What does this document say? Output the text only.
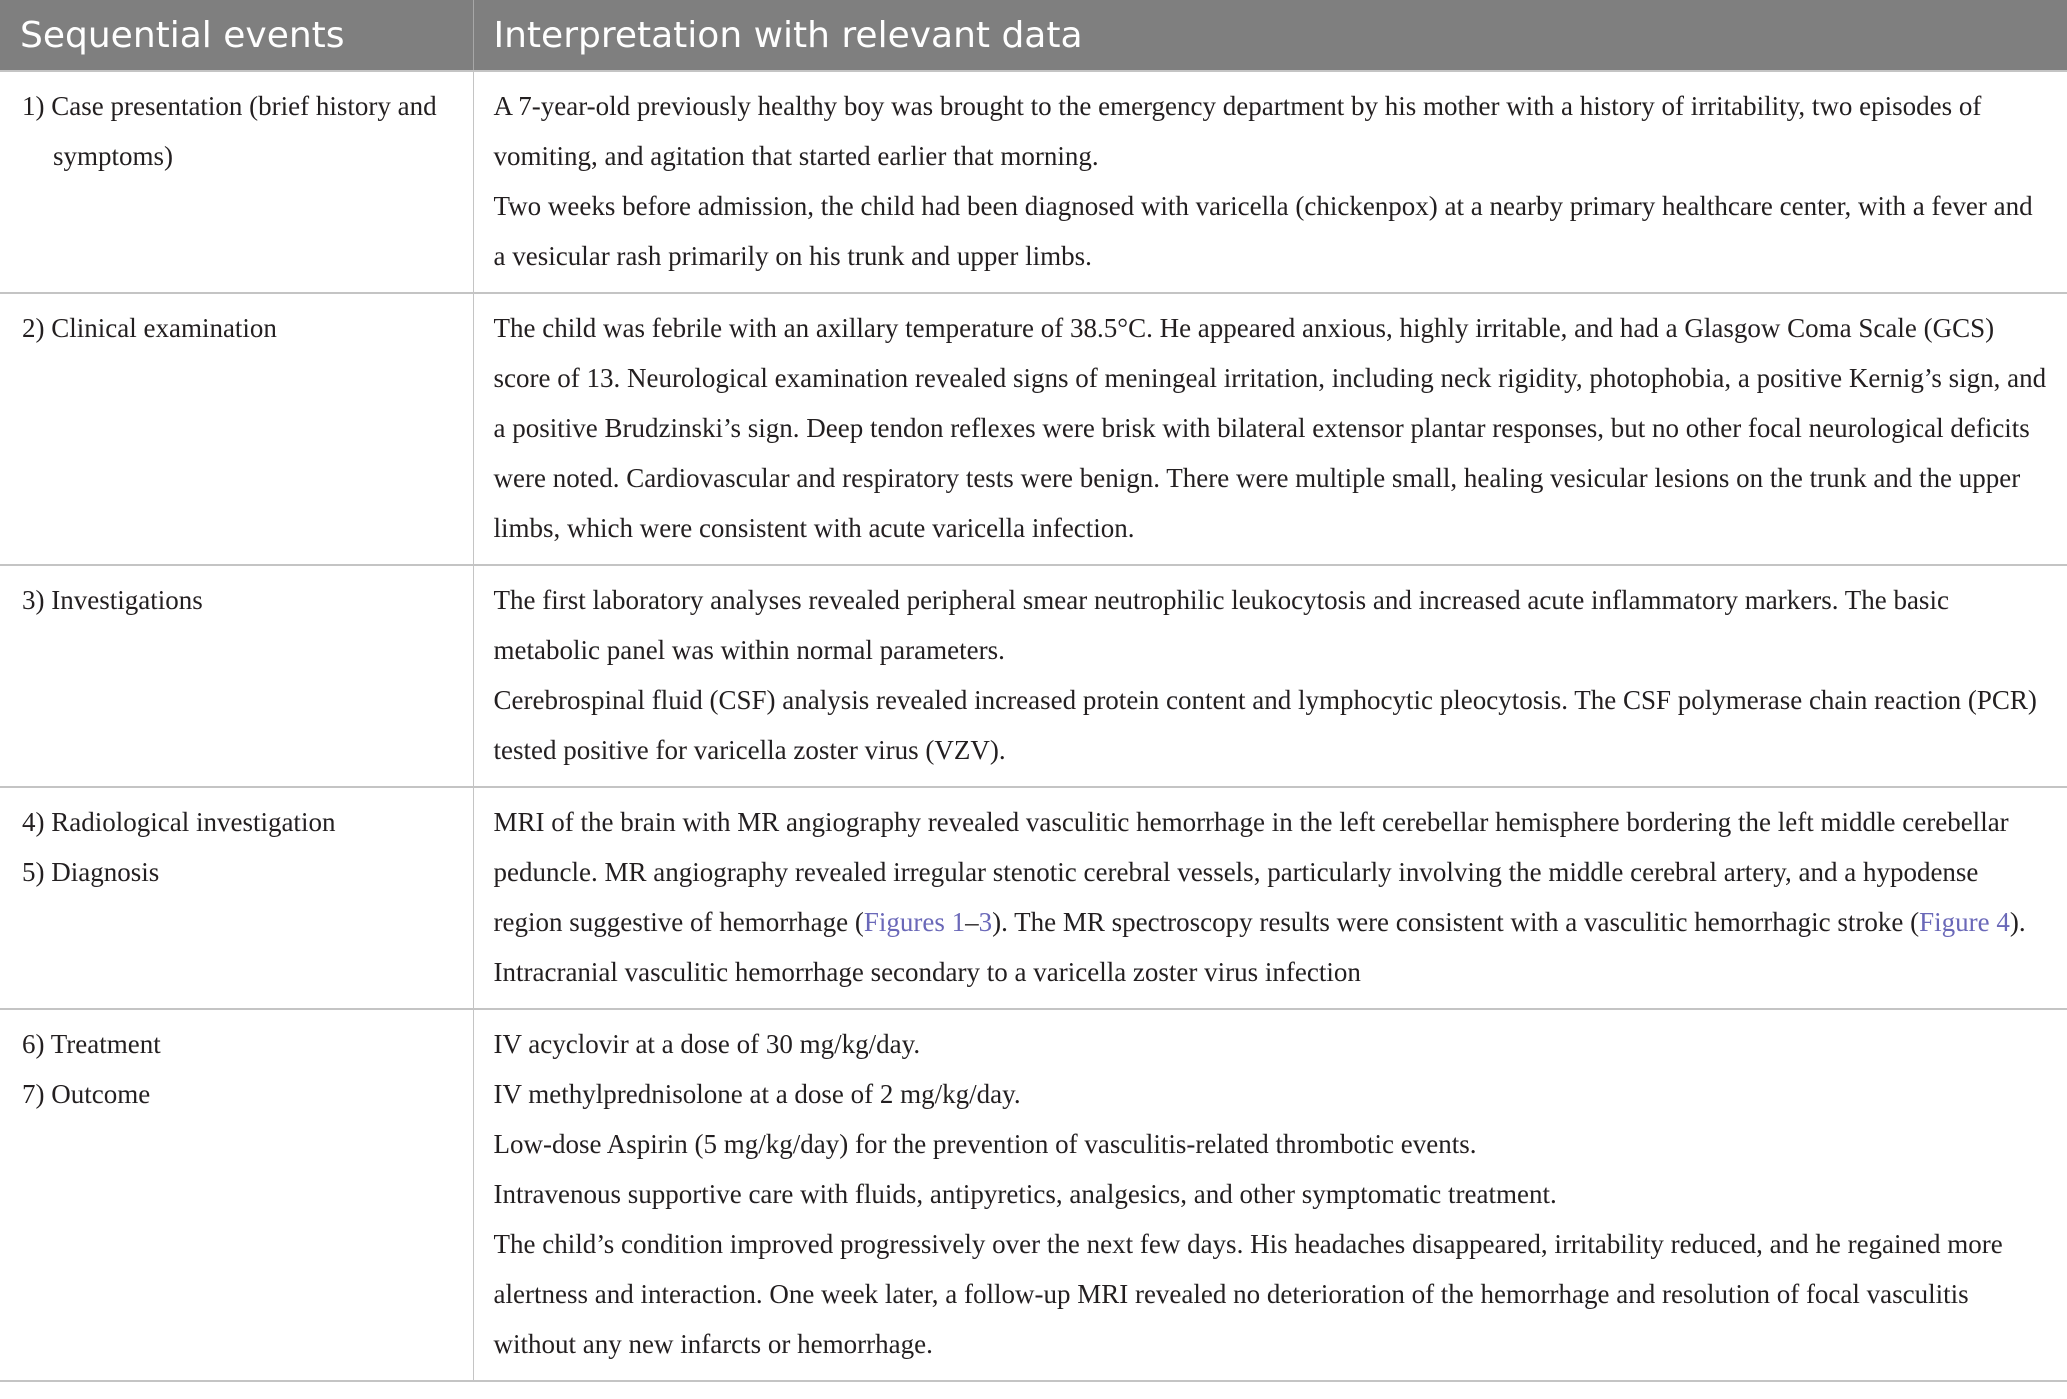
Sequential events	Interpretation with relevant data

1) Case presentation (brief history and symptoms)	A 7-year-old previously healthy boy was brought to the emergency department by his mother with a history of irritability, two episodes of vomiting, and agitation that started earlier that morning.
Two weeks before admission, the child had been diagnosed with varicella (chickenpox) at a nearby primary healthcare center, with a fever and a vesicular rash primarily on his trunk and upper limbs.

2) Clinical examination	The child was febrile with an axillary temperature of 38.5°C. He appeared anxious, highly irritable, and had a Glasgow Coma Scale (GCS) score of 13. Neurological examination revealed signs of meningeal irritation, including neck rigidity, photophobia, a positive Kernig’s sign, and a positive Brudzinski’s sign. Deep tendon reflexes were brisk with bilateral extensor plantar responses, but no other focal neurological deficits were noted. Cardiovascular and respiratory tests were benign. There were multiple small, healing vesicular lesions on the trunk and the upper limbs, which were consistent with acute varicella infection.

3) Investigations	The first laboratory analyses revealed peripheral smear neutrophilic leukocytosis and increased acute inflammatory markers. The basic metabolic panel was within normal parameters.
Cerebrospinal fluid (CSF) analysis revealed increased protein content and lymphocytic pleocytosis. The CSF polymerase chain reaction (PCR) tested positive for varicella zoster virus (VZV).

4) Radiological investigation
5) Diagnosis	MRI of the brain with MR angiography revealed vasculitic hemorrhage in the left cerebellar hemisphere bordering the left middle cerebellar peduncle. MR angiography revealed irregular stenotic cerebral vessels, particularly involving the middle cerebral artery, and a hypodense region suggestive of hemorrhage (Figures 1–3). The MR spectroscopy results were consistent with a vasculitic hemorrhagic stroke (Figure 4).
Intracranial vasculitic hemorrhage secondary to a varicella zoster virus infection

6) Treatment
7) Outcome	IV acyclovir at a dose of 30 mg/kg/day.
IV methylprednisolone at a dose of 2 mg/kg/day.
Low-dose Aspirin (5 mg/kg/day) for the prevention of vasculitis-related thrombotic events.
Intravenous supportive care with fluids, antipyretics, analgesics, and other symptomatic treatment.
The child’s condition improved progressively over the next few days. His headaches disappeared, irritability reduced, and he regained more alertness and interaction. One week later, a follow-up MRI revealed no deterioration of the hemorrhage and resolution of focal vasculitis without any new infarcts or hemorrhage.
